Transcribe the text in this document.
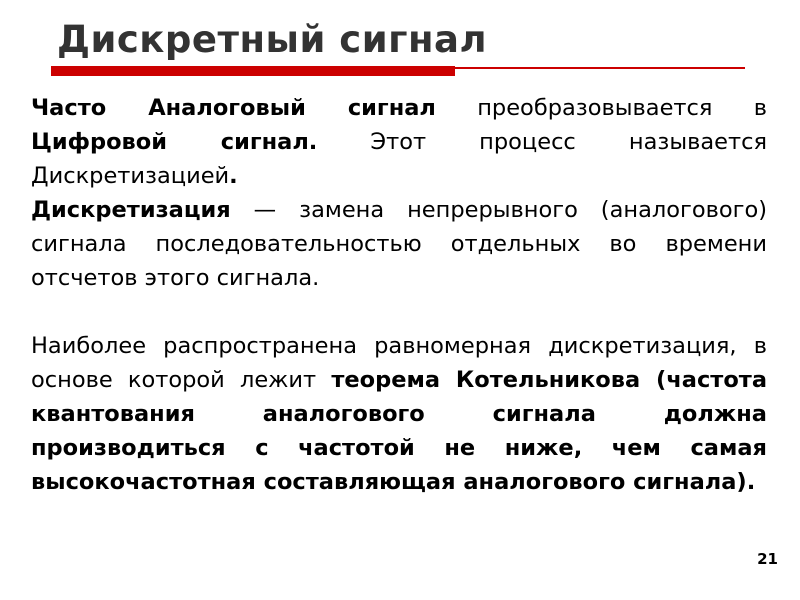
Дискретный сигнал

Часто Аналоговый сигнал преобразовывается в Цифровой сигнал. Этот процесс называется Дискретизацией.

Дискретизация — замена непрерывного (аналогового) сигнала последовательностью отдельных во времени отсчетов этого сигнала.

Наиболее распространена равномерная дискретизация, в основе которой лежит теорема Котельникова (частота квантования аналогового сигнала должна производиться с частотой не ниже, чем самая высокочастотная составляющая аналогового сигнала).

21
